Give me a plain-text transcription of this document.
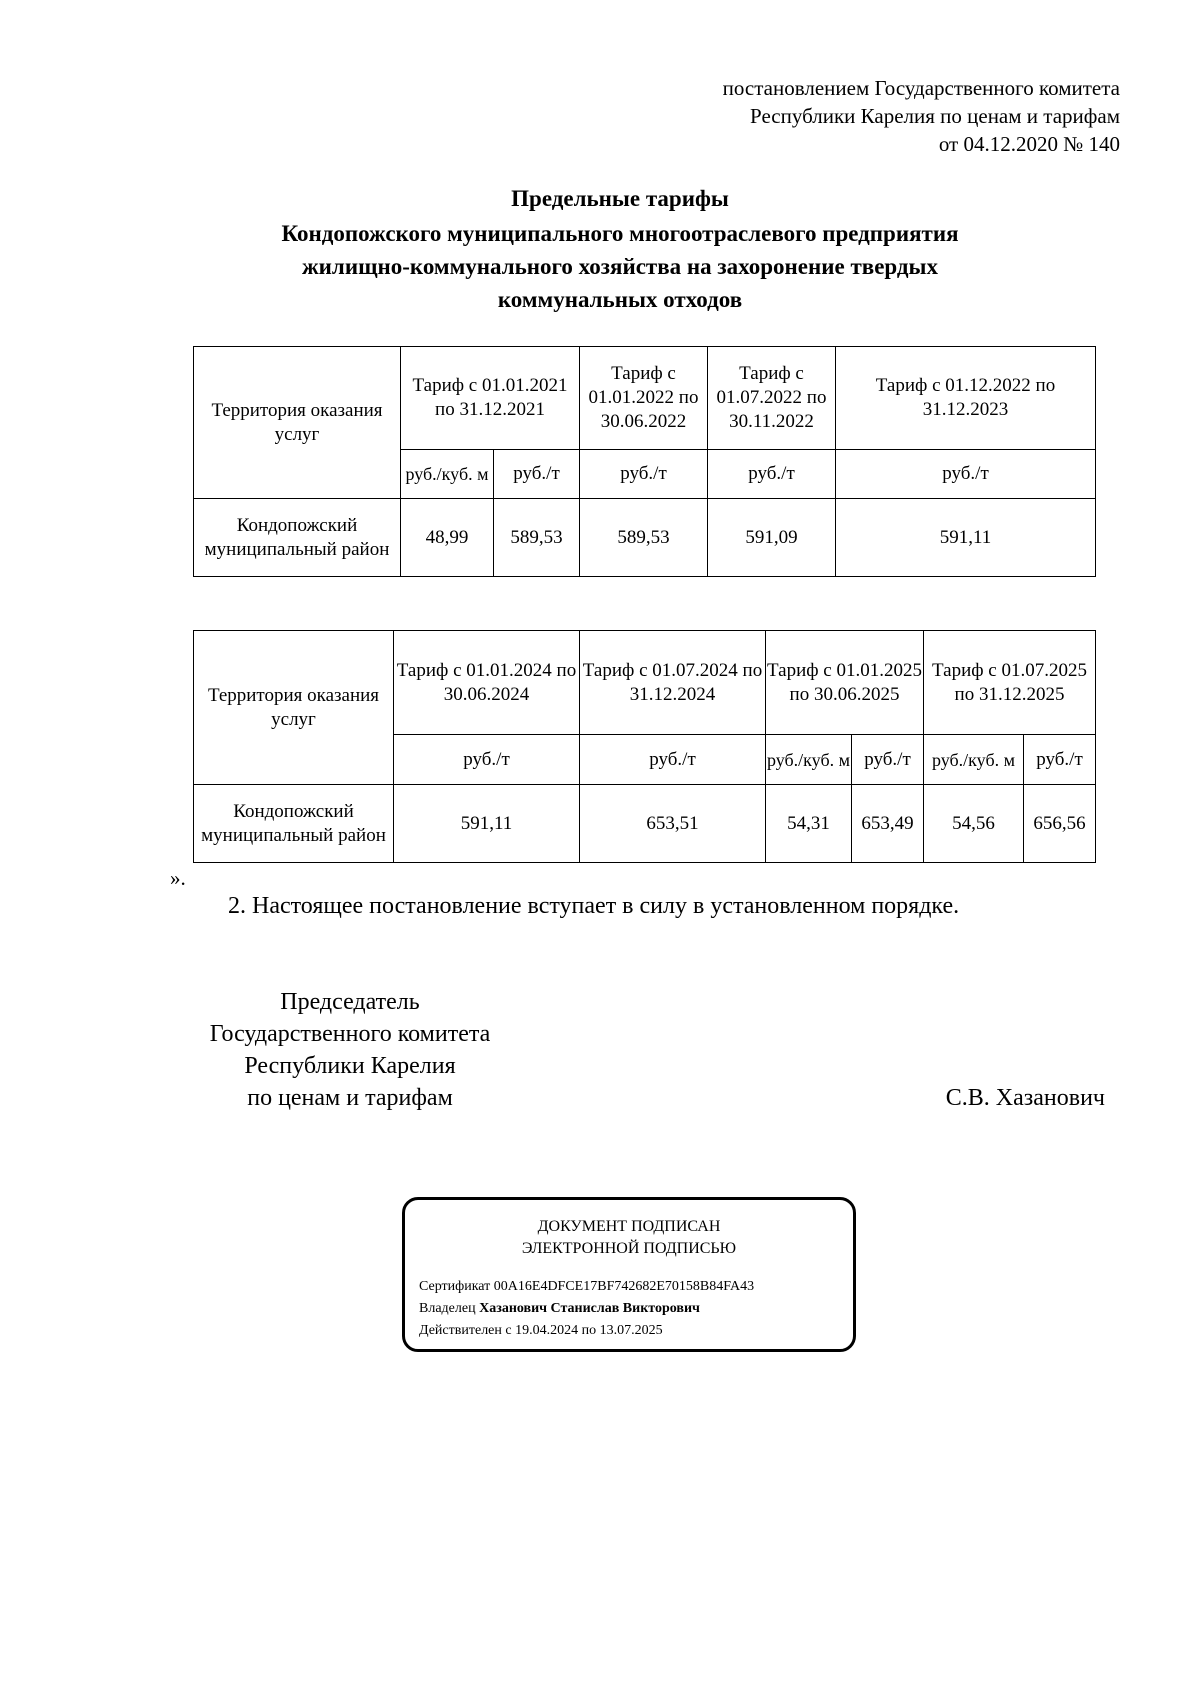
постановлением Государственного комитета
Республики Карелия по ценам и тарифам
от 04.12.2020 № 140
Предельные тарифы
Кондопожского муниципального многоотраслевого предприятия
жилищно-коммунального хозяйства на захоронение твердых
коммунальных отходов
Территория оказания услуг	Тариф с 01.01.2021 по 31.12.2021		Тариф с 01.01.2022 по 30.06.2022	Тариф с 01.07.2022 по 30.11.2022	Тариф с 01.12.2022 по 31.12.2023
	руб./куб. м	руб./т	руб./т	руб./т	руб./т
Кондопожский муниципальный район	48,99	589,53	589,53	591,09	591,11
Территория оказания услуг	Тариф с 01.01.2024 по 30.06.2024	Тариф с 01.07.2024 по 31.12.2024	Тариф с 01.01.2025 по 30.06.2025		Тариф с 01.07.2025 по 31.12.2025	
	руб./т	руб./т	руб./куб. м	руб./т	руб./куб. м	руб./т
Кондопожский муниципальный район	591,11	653,51	54,31	653,49	54,56	656,56
».
2. Настоящее постановление вступает в силу в установленном порядке.
Председатель
Государственного комитета
Республики Карелия
по ценам и тарифам	С.В. Хазанович
ДОКУМЕНТ ПОДПИСАН
ЭЛЕКТРОННОЙ ПОДПИСЬЮ
Сертификат 00A16E4DFCE17BF742682E70158B84FA43
Владелец Хазанович Станислав Викторович
Действителен с 19.04.2024 по 13.07.2025
